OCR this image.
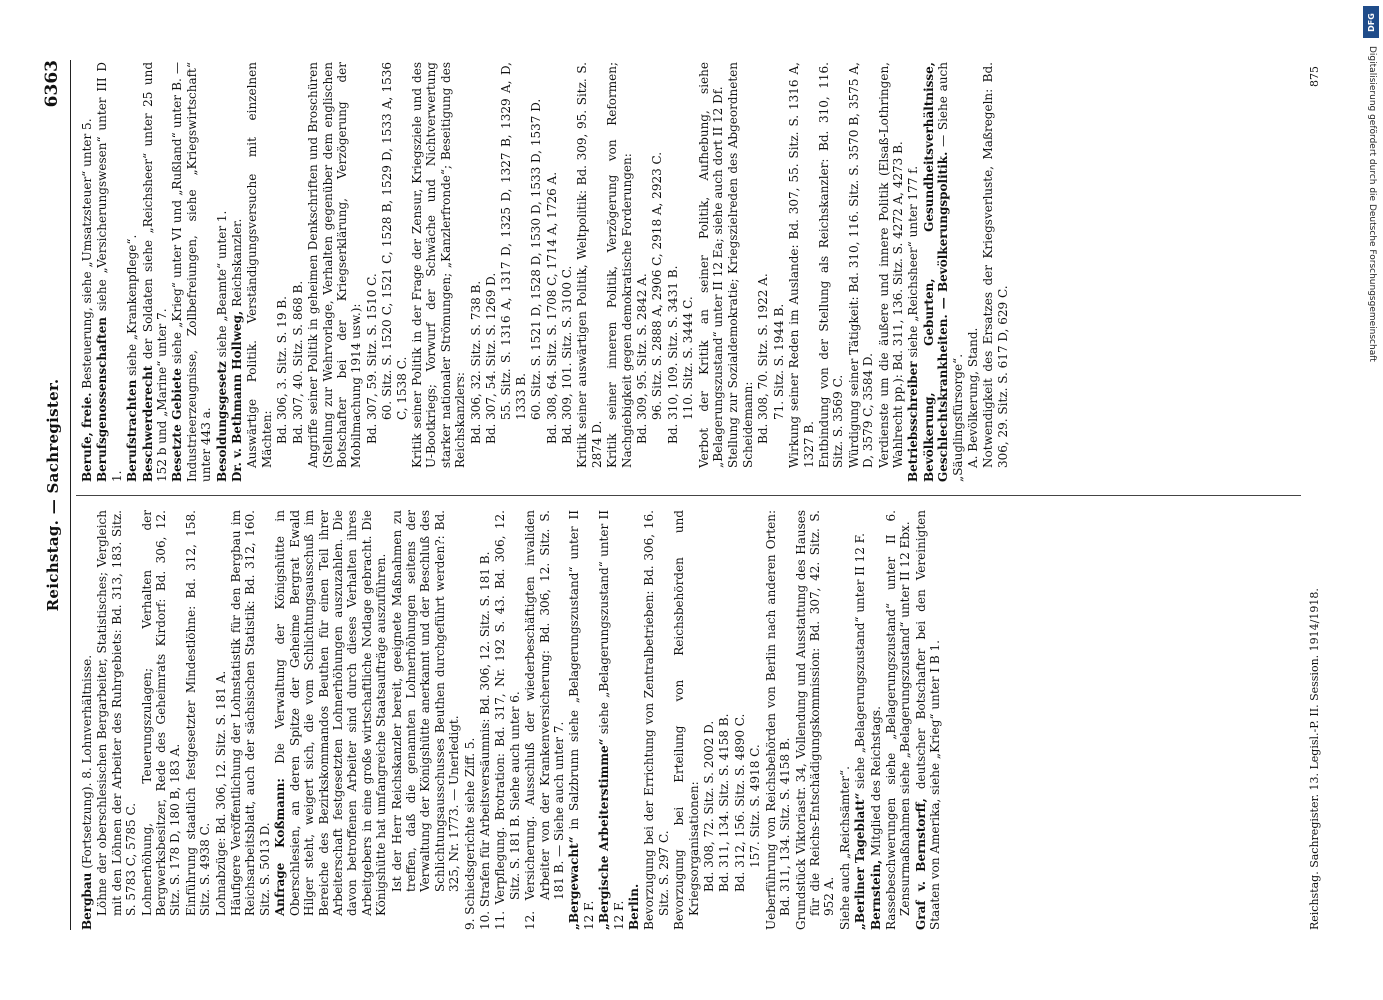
Reichstag. — Sachregister.
6363
Bergbau (Fortsetzung). 8. Lohnverhältnisse. Löhne der oberschlesischen Bergarbeiter, Statistisches; Vergleich mit den Löhnen der Arbeiter des Ruhrgebiets: Bd. 313, 183. Sitz. S. 5783 C, 5785 C. Lohnerhöhung, Teuerungszulagen; Verhalten der Bergwerksbesitzer, Rede des Geheimrats Kirdorf: Bd. 306, 12. Sitz. S. 178 D, 180 B, 183 A. Einführung staatlich festgesetzter Mindestlöhne: Bd. 312, 158. Sitz. S. 4938 C. Lohnabzüge: Bd. 306, 12. Sitz. S. 181 A. Häufigere Veröffentlichung der Lohnstatistik für den Bergbau im Reichsarbeitsblatt, auch der sächsischen Statistik: Bd. 312, 160. Sitz. S. 5013 D. Anfrage Koßmann: Die Verwaltung der Königshütte in Oberschlesien, an deren Spitze der Geheime Bergrat Ewald Hilger steht, weigert sich, die vom Schlichtungsausschuß im Bereiche des Bezirkskommandos Beuthen für einen Teil ihrer Arbeiterschaft festgesetzten Lohnerhöhungen auszuzahlen. Die davon betroffenen Arbeiter sind durch dieses Verhalten ihres Arbeitgebers in eine große wirtschaftliche Notlage gebracht. Die Königshütte hat umfangreiche Staatsaufträge auszuführen. Ist der Herr Reichskanzler bereit, geeignete Maßnahmen zu treffen, daß die genannten Lohnerhöhungen seitens der Verwaltung der Königshütte anerkannt und der Beschluß des Schlichtungsausschusses Beuthen durchgeführt werden?: Bd. 325, Nr. 1773. — Unerledigt. 9. Schiedsgerichte siehe Ziff. 5. 10. Strafen für Arbeitsversäumnis: Bd. 306, 12. Sitz. S. 181 B. 11. Verpflegung. Brotration: Bd. 317, Nr. 192 S. 43. Bd. 306, 12. Sitz. S. 181 B. Siehe auch unter 6. 12. Versicherung. Ausschluß der wiederbeschäftigten invaliden Arbeiter von der Krankenversicherung: Bd. 306, 12. Sitz. S. 181 B. — Siehe auch unter 7. „Bergewacht“ in Salzbrunn siehe „Belagerungszustand“ unter II 12 F. „Bergische Arbeiterstimme“ siehe „Belagerungszustand“ unter II 12 F. Berlin. Bevorzugung bei der Errichtung von Zentralbetrieben: Bd. 306, 16. Sitz. S. 297 C. Bevorzugung bei Erteilung von Reichsbehörden und Kriegsorganisationen: Bd. 308, 72. Sitz. S. 2002 D. Bd. 311, 134. Sitz. S. 4158 B. Bd. 312, 156. Sitz. S. 4890 C. 157. Sitz. S. 4918 C. Ueberführung von Reichsbehörden von Berlin nach anderen Orten: Bd. 311, 134. Sitz. S. 4158 B. Grundstück Viktoriastr. 34, Vollendung und Ausstattung des Hauses für die Reichs-Entschädigungskommission: Bd. 307, 42. Sitz. S. 952 A. Siehe auch „Reichsämter“. „Berliner Tageblatt“ siehe „Belagerungszustand“ unter II 12 F.
Bernstein, Mitglied des Reichstags. Rassebeschwerungen siehe „Belagerungszustand“ unter II 6. Zensurmaßnahmen siehe „Belagerungszustand“ unter II 12 Ebx. Graf v. Bernstorff, deutscher Botschafter bei den Vereinigten Staaten von Amerika, siehe „Krieg“ unter I B 1.
Berufe, freie. Besteuerung, siehe „Umsatzsteuer“ unter 5.
Berufsgenossenschaften siehe „Versicherungswesen“ unter III D 1. Berufstrachten siehe „Krankenpflege“.
Beschwerderecht der Soldaten siehe „Reichsheer“ unter 25 und 152 b und „Marine“ unter 7. Besetzte Gebiete siehe „Krieg“ unter VI und „Rußland“ unter B. — Industrieerzeugnisse, Zollbefreiungen, siehe „Kriegswirtschaft“ unter 443 a. Besoldungsgesetz siehe „Beamte“ unter 1.
Dr. v. Bethmann Hollweg, Reichskanzler. Auswärtige Politik. Verständigungsversuche mit einzelnen Mächten: Bd. 306, 3. Sitz. S. 19 B. Bd. 307, 40. Sitz. S. 868 B. Angriffe seiner Politik in geheimen Denkschriften und Broschüren (Stellung zur Wehrvorlage, Verhalten gegenüber dem englischen Botschafter bei der Kriegserklärung, Verzögerung der Mobilmachung 1914 usw.): Bd. 307, 59. Sitz. S. 1510 C. 60. Sitz. S. 1520 C, 1521 C, 1528 B, 1529 D, 1533 A, 1536 C, 1538 C. Kritik seiner Politik in der Frage der Zensur, Kriegsziele und des U-Bootkriegs; Vorwurf der Schwäche und Nichtverwertung starker nationaler Strömungen; „Kanzlerfronde“; Beseitigung des Reichskanzlers: Bd. 306, 32. Sitz. S. 738 B. Bd. 307, 54. Sitz. S. 1269 D. 55. Sitz. S. 1316 A, 1317 D, 1325 D, 1327 B, 1329 A, D, 1333 B. 60. Sitz. S. 1521 D, 1528 D, 1530 D, 1533 D, 1537 D. Bd. 308, 64. Sitz. S. 1708 C, 1714 A, 1726 A. Bd. 309, 101. Sitz. S. 3100 C. Kritik seiner auswärtigen Politik, Weltpolitik: Bd. 309, 95. Sitz. S. 2874 D. Kritik seiner inneren Politik, Verzögerung von Reformen; Nachgiebigkeit gegen demokratische Forderungen: Bd. 309, 95. Sitz. S. 2842 A. 96. Sitz. S. 2888 A, 2906 C, 2918 A, 2923 C. Bd. 310, 109. Sitz. S. 3431 B. 110. Sitz. S. 3444 C. Verbot der Kritik an seiner Politik, Aufhebung, siehe „Belagerungszustand“ unter II 12 Ea; siehe auch dort II 12 Df. Stellung zur Sozialdemokratie; Kriegszielreden des Abgeordneten Scheidemann: Bd. 308, 70. Sitz. S. 1922 A. 71. Sitz. S. 1944 B. Wirkung seiner Reden im Auslande: Bd. 307, 55. Sitz. S. 1316 A, 1327 B. Entbindung von der Stellung als Reichskanzler: Bd. 310, 116. Sitz. S. 3569 C. Würdigung seiner Tätigkeit: Bd. 310, 116. Sitz. S. 3570 B, 3575 A, D, 3579 C, 3584 D. Verdienste um die äußere und innere Politik (Elsaß-Lothringen, Wahlrecht pp.): Bd. 311, 136. Sitz. S. 4272 A, 4273 B. Betriebsschreiber siehe „Reichsheer“ unter 177 f. Bevölkerung, Geburten, Gesundheitsverhältnisse, Geschlechtskrankheiten. — Bevölkerungspolitik. — Siehe auch „Säuglingsfürsorge“. A. Bevölkerung, Stand. Notwendigkeit des Ersatzes der Kriegsverluste, Maßregeln: Bd. 306, 29. Sitz. S. 617 D, 629 C.
Reichstag. Sachregister. 13. Legisl.-P. II. Session. 1914/1918.
875
DFG
Digitalisierung gefördert durch die Deutsche Forschungsgemeinschaft
